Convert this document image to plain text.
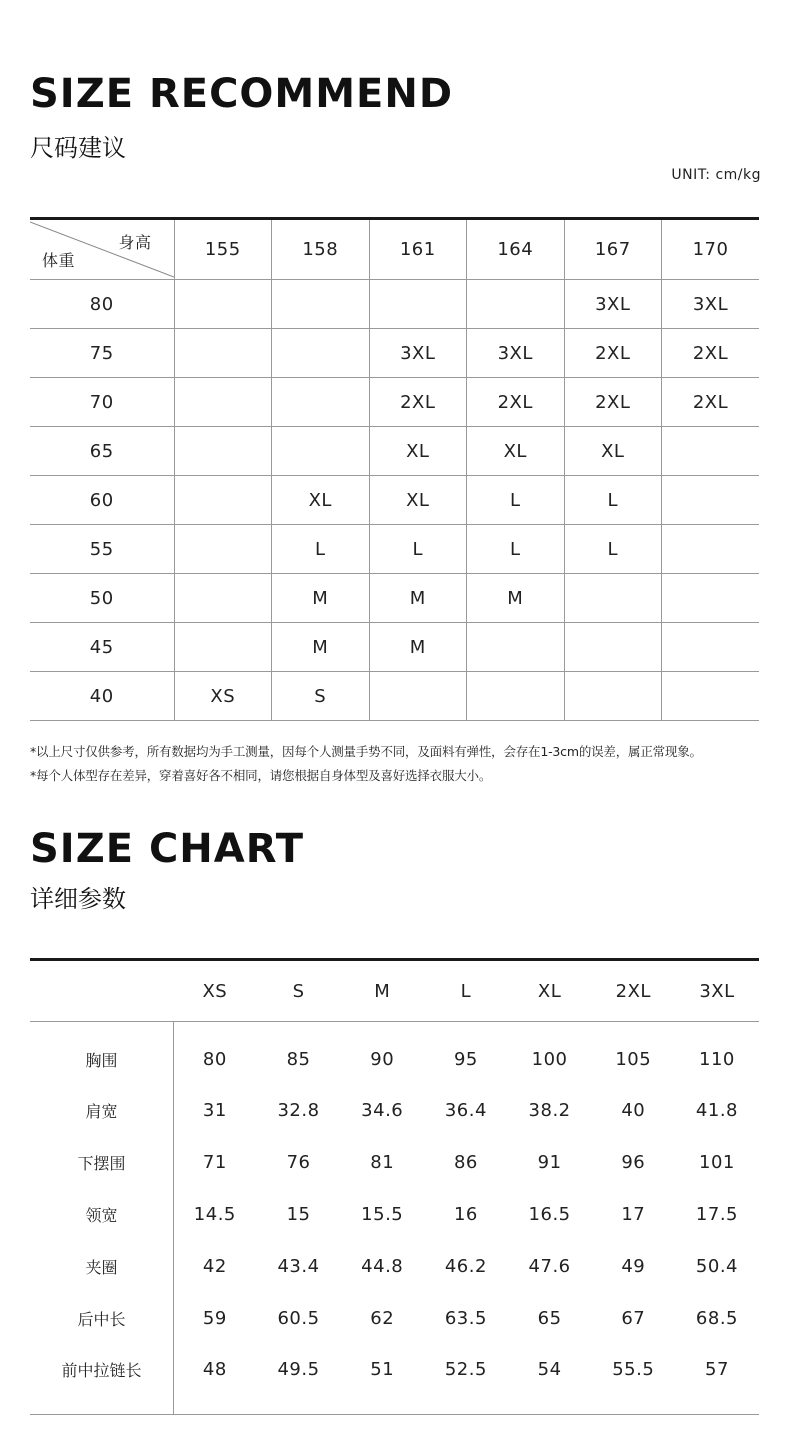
SIZE RECOMMEND
尺码建议
UNIT: cm/kg
身高
体重	155	158	161	164	167	170
80					3XL	3XL
75			3XL	3XL	2XL	2XL
70			2XL	2XL	2XL	2XL
65			XL	XL	XL	
60		XL	XL	L	L	
55		L	L	L	L	
50		M	M	M		
45		M	M			
40	XS	S				
*以上尺寸仅供参考，所有数据均为手工测量，因每个人测量手势不同，及面料有弹性，会存在1-3cm的误差，属正常现象。
*每个人体型存在差异，穿着喜好各不相同，请您根据自身体型及喜好选择衣服大小。
SIZE CHART
详细参数
XS	S	M	L	XL	2XL	3XL
胸围	80	85	90	95	100	105	110
肩宽	31	32.8	34.6	36.4	38.2	40	41.8
下摆围	71	76	81	86	91	96	101
领宽	14.5	15	15.5	16	16.5	17	17.5
夹圈	42	43.4	44.8	46.2	47.6	49	50.4
后中长	59	60.5	62	63.5	65	67	68.5
前中拉链长	48	49.5	51	52.5	54	55.5	57
